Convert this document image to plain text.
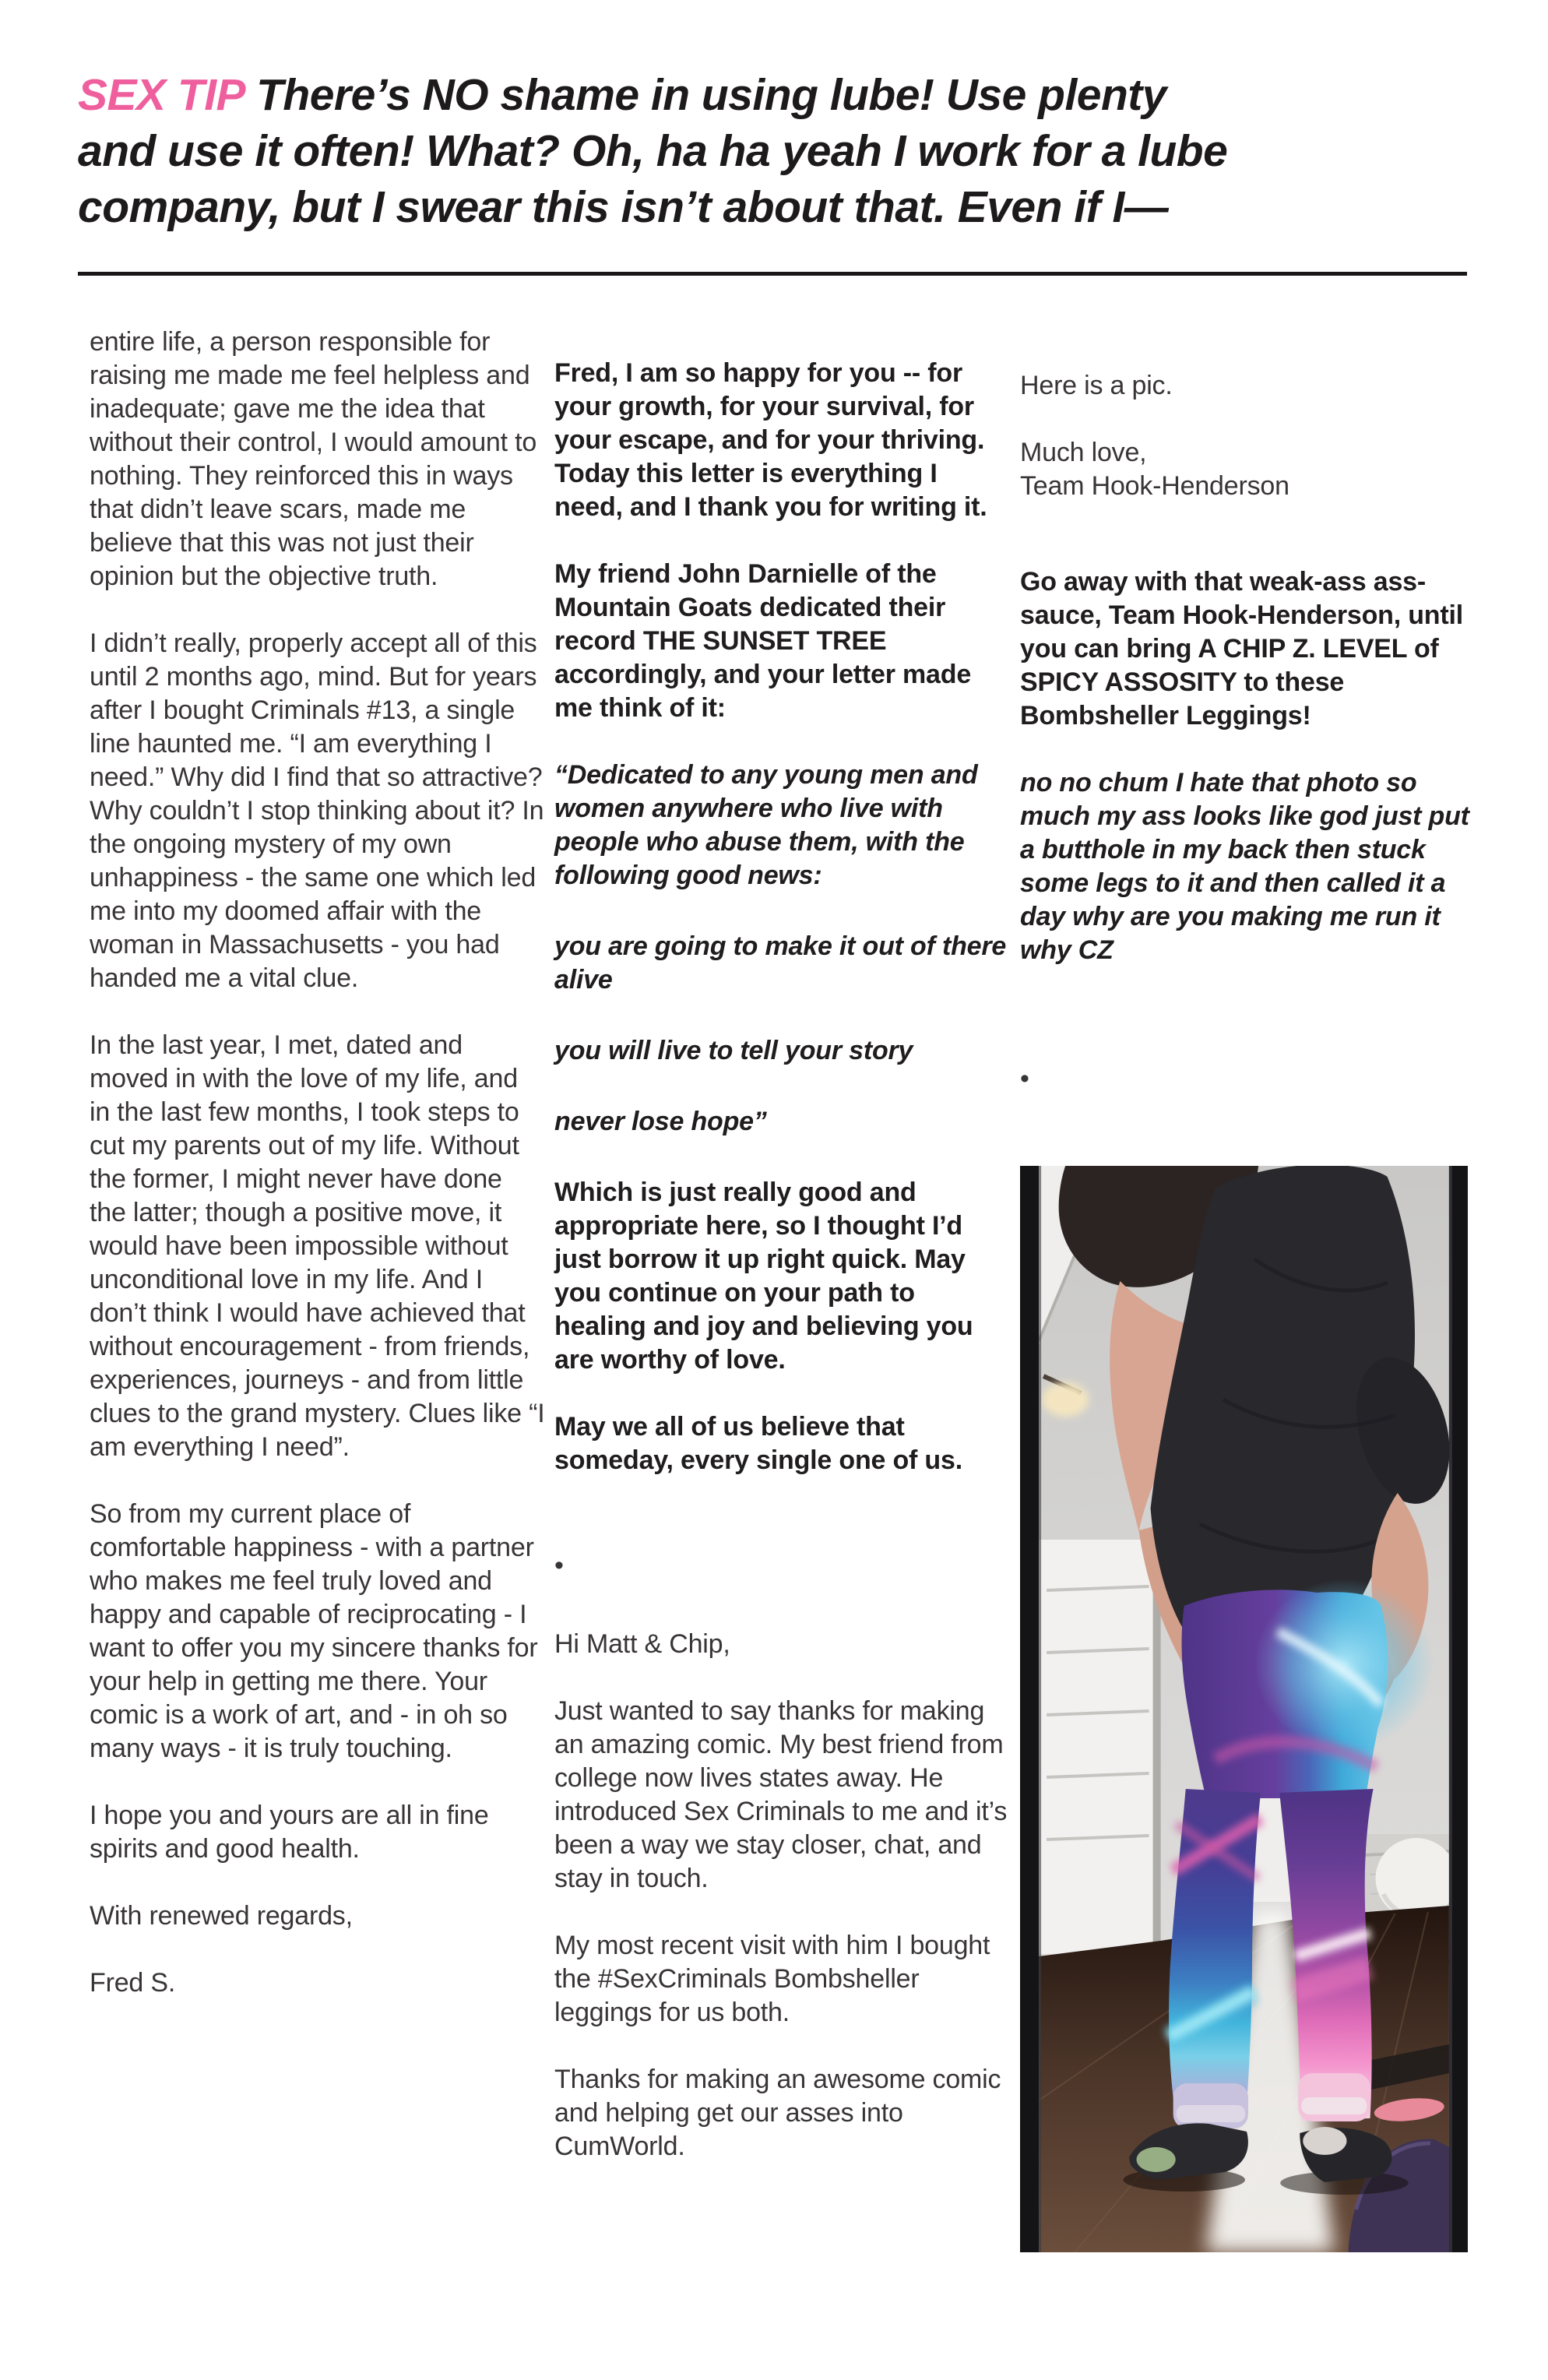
SEX TIP There’s NO shame in using lube! Use plenty
and use it often! What? Oh, ha ha yeah I work for a lube
company, but I swear this isn’t about that. Even if I—

entire life, a person responsible for raising me made me feel helpless and inadequate; gave me the idea that without their control, I would amount to nothing. They reinforced this in ways that didn’t leave scars, made me believe that this was not just their opinion but the objective truth.

I didn’t really, properly accept all of this until 2 months ago, mind. But for years after I bought Criminals #13, a single line haunted me. “I am everything I need.” Why did I find that so attractive? Why couldn’t I stop thinking about it? In the ongoing mystery of my own unhappiness - the same one which led me into my doomed affair with the woman in Massachusetts - you had handed me a vital clue.

In the last year, I met, dated and moved in with the love of my life, and in the last few months, I took steps to cut my parents out of my life. Without the former, I might never have done the latter; though a positive move, it would have been impossible without unconditional love in my life. And I don’t think I would have achieved that without encouragement - from friends, experiences, journeys - and from little clues to the grand mystery. Clues like “I am everything I need”.

So from my current place of comfortable happiness - with a partner who makes me feel truly loved and happy and capable of reciprocating - I want to offer you my sincere thanks for your help in getting me there. Your comic is a work of art, and - in oh so many ways - it is truly touching.

I hope you and yours are all in fine spirits and good health.

With renewed regards,

Fred S.

Fred, I am so happy for you -- for your growth, for your survival, for your escape, and for your thriving. Today this letter is everything I need, and I thank you for writing it.

My friend John Darnielle of the Mountain Goats dedicated their record THE SUNSET TREE accordingly, and your letter made me think of it:

“Dedicated to any young men and women anywhere who live with people who abuse them, with the following good news:

you are going to make it out of there alive

you will live to tell your story

never lose hope”

Which is just really good and appropriate here, so I thought I’d just borrow it up right quick. May you continue on your path to healing and joy and believing you are worthy of love.

May we all of us believe that someday, every single one of us.

•

Hi Matt & Chip,

Just wanted to say thanks for making an amazing comic. My best friend from college now lives states away. He introduced Sex Criminals to me and it’s been a way we stay closer, chat, and stay in touch.

My most recent visit with him I bought the #SexCriminals Bombsheller leggings for us both.

Thanks for making an awesome comic and helping get our asses into CumWorld.

Here is a pic.

Much love,

Team Hook-Henderson

Go away with that weak-ass ass-sauce, Team Hook-Henderson, until you can bring A CHIP Z. LEVEL of SPICY ASSOSITY to these Bombsheller Leggings!

no no chum I hate that photo so much my ass looks like god just put a butthole in my back then stuck some legs to it and then called it a day why are you making me run it why CZ

•
